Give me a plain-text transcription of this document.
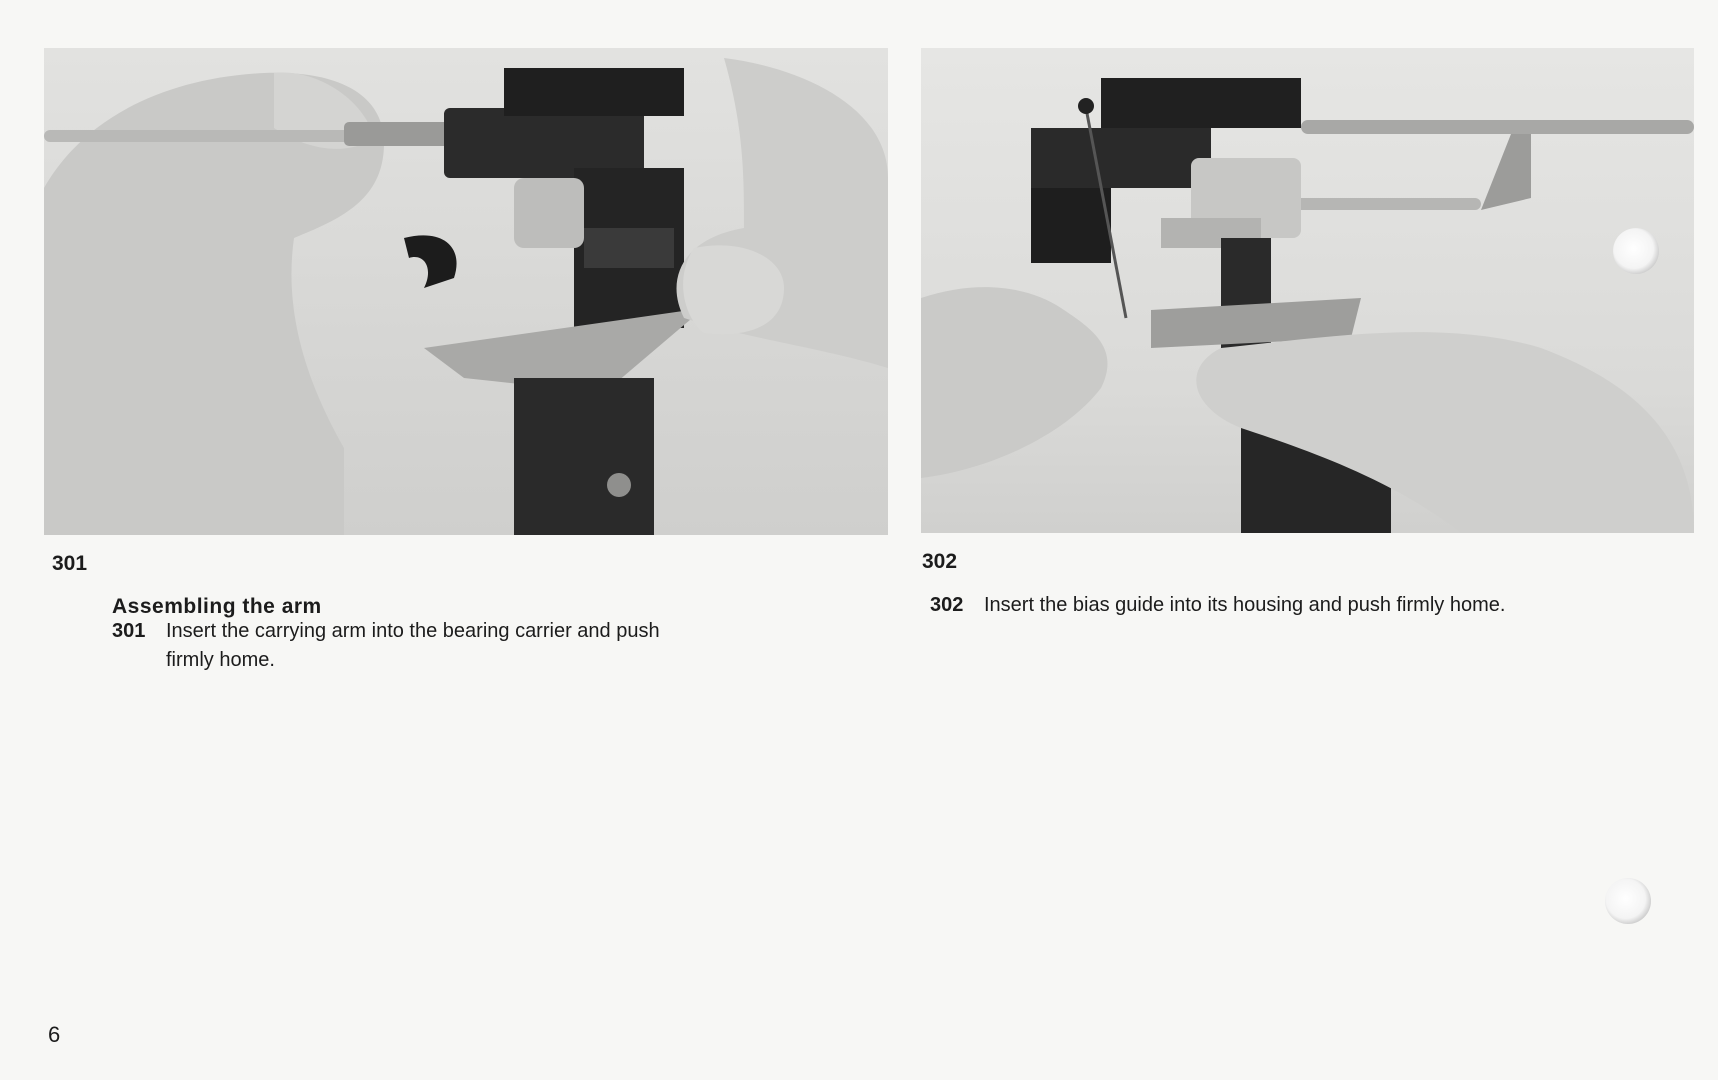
301	302
Assembling the arm
301 Insert the carrying arm into the bearing carrier and push
firmly home.
302 Insert the bias guide into its housing and push firmly home.
6
